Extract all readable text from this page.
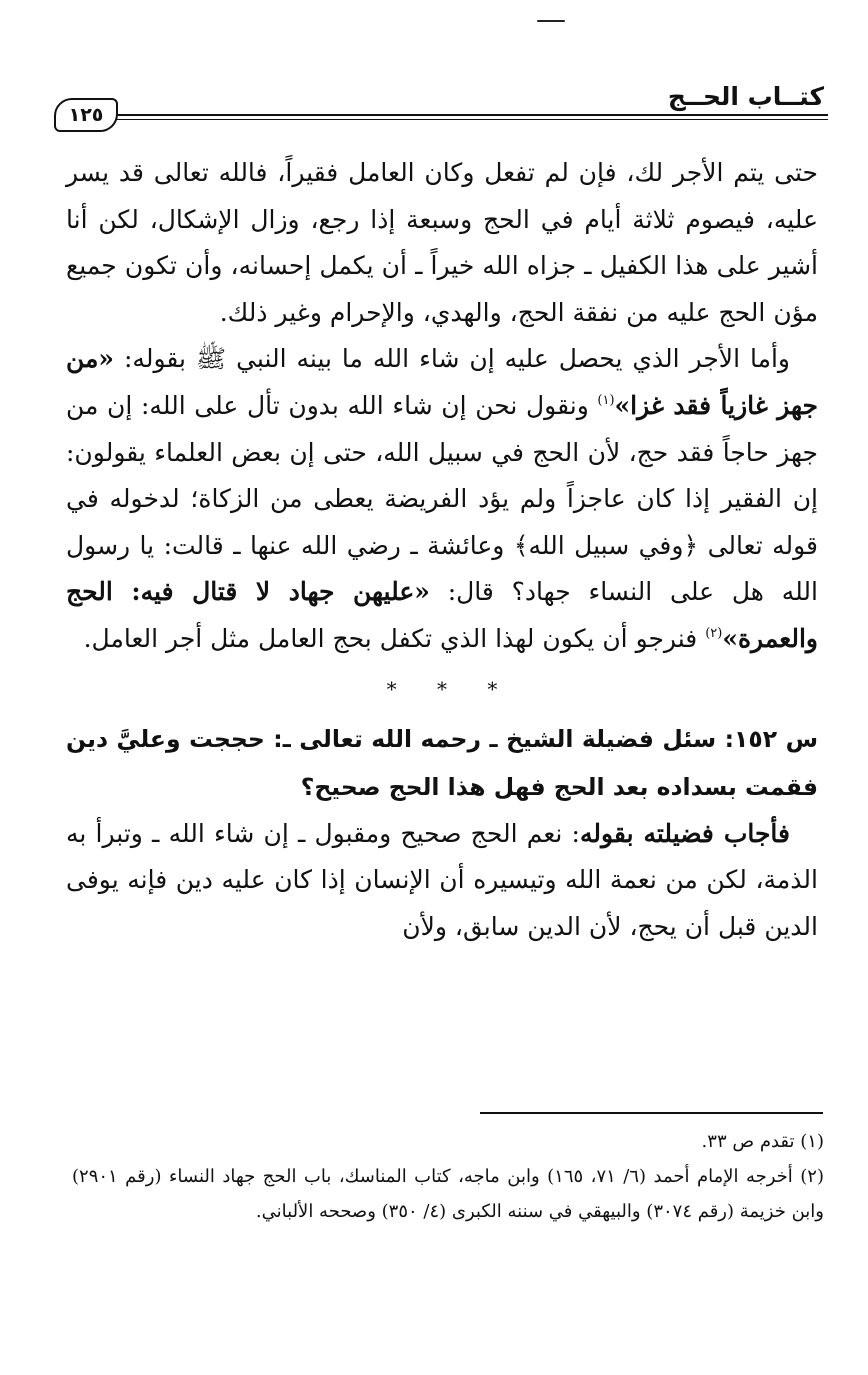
كتــاب الحــج
١٢٥

حتى يتم الأجر لك، فإن لم تفعل وكان العامل فقيراً، فالله تعالى قد يسر عليه، فيصوم ثلاثة أيام في الحج وسبعة إذا رجع، وزال الإشكال، لكن أنا أشير على هذا الكفيل ـ جزاه الله خيراً ـ أن يكمل إحسانه، وأن تكون جميع مؤن الحج عليه من نفقة الحج، والهدي، والإحرام وغير ذلك.

وأما الأجر الذي يحصل عليه إن شاء الله ما بينه النبي ﷺ بقوله: «من جهز غازياً فقد غزا»$^{(١)}$ ونقول نحن إن شاء الله بدون تأل على الله: إن من جهز حاجاً فقد حج، لأن الحج في سبيل الله، حتى إن بعض العلماء يقولون: إن الفقير إذا كان عاجزاً ولم يؤد الفريضة يعطى من الزكاة؛ لدخوله في قوله تعالى ﴿وفي سبيل الله﴾ وعائشة ـ رضي الله عنها ـ قالت: يا رسول الله هل على النساء جهاد؟ قال: «عليهن جهاد لا قتال فيه: الحج والعمرة»$^{(٢)}$ فنرجو أن يكون لهذا الذي تكفل بحج العامل مثل أجر العامل.

* * *

س ١٥٢: سئل فضيلة الشيخ ـ رحمه الله تعالى ـ: حججت وعليَّ دين فقمت بسداده بعد الحج فهل هذا الحج صحيح؟

فأجاب فضيلته بقوله: نعم الحج صحيح ومقبول ـ إن شاء الله ـ وتبرأ به الذمة، لكن من نعمة الله وتيسيره أن الإنسان إذا كان عليه دين فإنه يوفى الدين قبل أن يحج، لأن الدين سابق، ولأن

(١) تقدم ص ٣٣.

(٢) أخرجه الإمام أحمد (٦/ ٧١، ١٦٥) وابن ماجه، كتاب المناسك، باب الحج جهاد النساء (رقم ٢٩٠١) وابن خزيمة (رقم ٣٠٧٤) والبيهقي في سننه الكبرى (٤/ ٣٥٠) وصححه الألباني.
